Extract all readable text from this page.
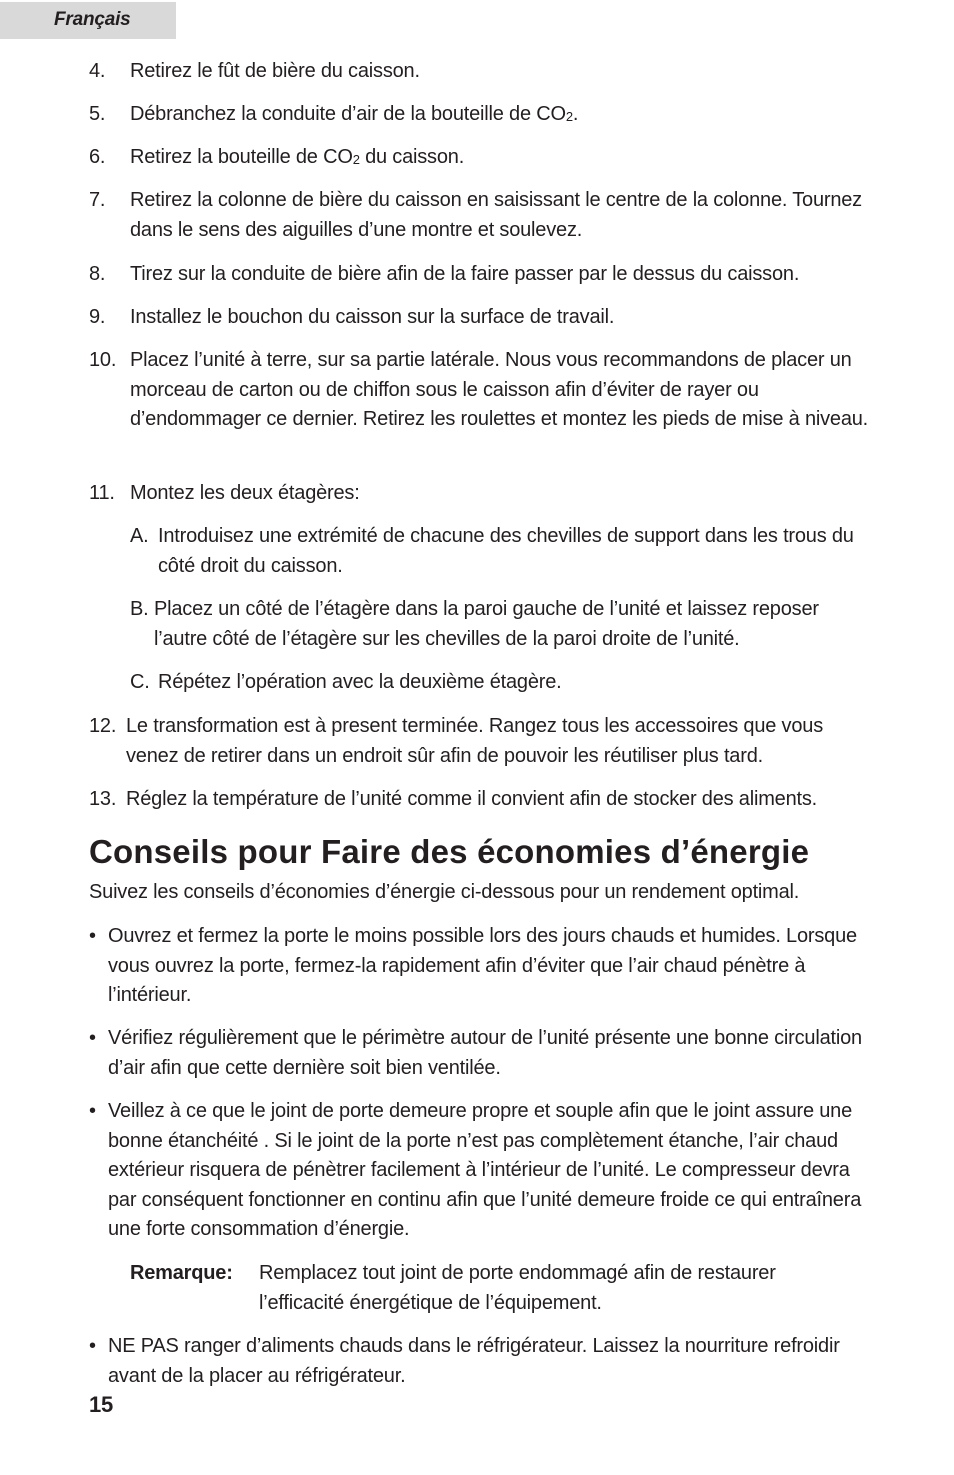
Français
4. Retirez le fût de bière du caisson.
5. Débranchez la conduite d’air de la bouteille de $CO_2$.
6. Retirez la bouteille de $CO_2$ du caisson.
7. Retirez la colonne de bière du caisson en saisissant le centre de la colonne. Tournez dans le sens des aiguilles d’une montre et soulevez.
8. Tirez sur la conduite de bière afin de la faire passer par le dessus du caisson.
9. Installez le bouchon du caisson sur la surface de travail.
10. Placez l’unité à terre, sur sa partie latérale. Nous vous recommandons de placer un morceau de carton ou de chiffon sous le caisson afin d’éviter de rayer ou d’endommager ce dernier. Retirez les roulettes et montez les pieds de mise à niveau.
11. Montez les deux étagères:
A. Introduisez une extrémité de chacune des chevilles de support dans les trous du côté droit du caisson.
B. Placez un côté de l’étagère dans la paroi gauche de l’unité et laissez reposer l’autre côté de l’étagère sur les chevilles de la paroi droite de l’unité.
C. Répétez l’opération avec la deuxième étagère.
12. Le transformation est à present terminée. Rangez tous les accessoires que vous venez de retirer dans un endroit sûr afin de pouvoir les réutiliser plus tard.
13. Réglez la température de l’unité comme il convient afin de stocker des aliments.
Conseils pour Faire des économies d’énergie
Suivez les conseils d’économies d’énergie ci-dessous pour un rendement optimal.
• Ouvrez et fermez la porte le moins possible lors des jours chauds et humides. Lorsque vous ouvrez la porte, fermez-la rapidement afin d’éviter que l’air chaud pénètre à l’intérieur.
• Vérifiez régulièrement que le périmètre autour de l’unité présente une bonne circulation d’air afin que cette dernière soit bien ventilée.
• Veillez à ce que le joint de porte demeure propre et souple afin que le joint assure une bonne étanchéité . Si le joint de la porte n’est pas complètement étanche, l’air chaud extérieur risquera de pénètrer facilement à l’intérieur de l’unité. Le compresseur devra par conséquent fonctionner en continu afin que l’unité demeure froide ce qui entraînera une forte consommation d’énergie.
Remarque: Remplacez tout joint de porte endommagé afin de restaurer l’efficacité énergétique de l’équipement.
• NE PAS ranger d’aliments chauds dans le réfrigérateur. Laissez la nourriture refroidir avant de la placer au réfrigérateur.
15
